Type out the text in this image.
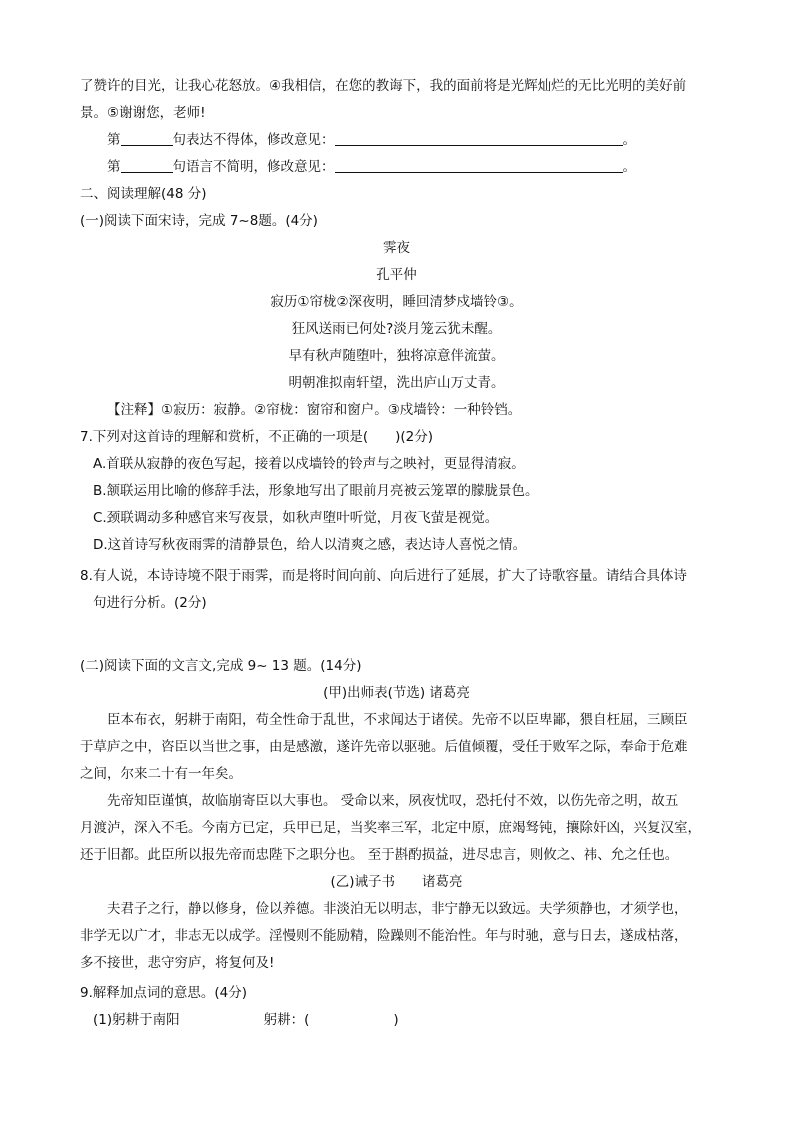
了赞许的目光，让我心花怒放。④我相信，在您的教诲下，我的面前将是光辉灿烂的无比光明的美好前
景。⑤谢谢您，老师!
第	句表达不得体，修改意见：	。
第	句语言不简明，修改意见：	。
二、阅读理解(48 分)
(一)阅读下面宋诗，完成 7~8题。(4分)
霁夜
孔平仲
寂历①帘栊②深夜明，睡回清梦戍墙铃③。
狂风送雨已何处?淡月笼云犹未醒。
早有秋声随堕叶，独将凉意伴流萤。
明朝准拟南轩望，洗出庐山万丈青。
【注释】①寂历：寂静。②帘栊：窗帘和窗户。③戍墙铃：一种铃铛。
7.下列对这首诗的理解和赏析，不正确的一项是(　　)(2分)
A.首联从寂静的夜色写起，接着以戍墙铃的铃声与之映衬，更显得清寂。
B.颔联运用比喻的修辞手法，形象地写出了眼前月亮被云笼罩的朦胧景色。
C.颈联调动多种感官来写夜景，如秋声堕叶听觉，月夜飞萤是视觉。
D.这首诗写秋夜雨霁的清静景色，给人以清爽之感，表达诗人喜悦之情。
8.有人说，本诗诗境不限于雨霁，而是将时间向前、向后进行了延展，扩大了诗歌容量。请结合具体诗
句进行分析。(2分)
(二)阅读下面的文言文,完成 9~ 13 题。(14分)
(甲)出师表(节选) 诸葛亮
臣本布衣，躬耕于南阳，苟全性命于乱世，不求闻达于诸侯。先帝不以臣卑鄙，猥自枉屈，三顾臣
于草庐之中，咨臣以当世之事，由是感激，遂许先帝以驱驰。后值倾覆，受任于败军之际，奉命于危难
之间，尔来二十有一年矣。
先帝知臣谨慎，故临崩寄臣以大事也。 受命以来，夙夜忧叹，恐托付不效，以伤先帝之明，故五
月渡泸，深入不毛。今南方已定，兵甲已足，当奖率三军，北定中原，庶竭驽钝，攘除奸凶，兴复汉室，
还于旧都。此臣所以报先帝而忠陛下之职分也。 至于斟酌损益，进尽忠言，则攸之、祎、允之任也。
(乙)诫子书　　诸葛亮
夫君子之行，静以修身，俭以养德。非淡泊无以明志，非宁静无以致远。夫学须静也，才须学也，
非学无以广才，非志无以成学。淫慢则不能励精，险躁则不能治性。年与时驰，意与日去，遂成枯落，
多不接世，悲守穷庐，将复何及!
9.解释加点词的意思。(4分)
(1)躬耕于南阳	躬耕：(	)
